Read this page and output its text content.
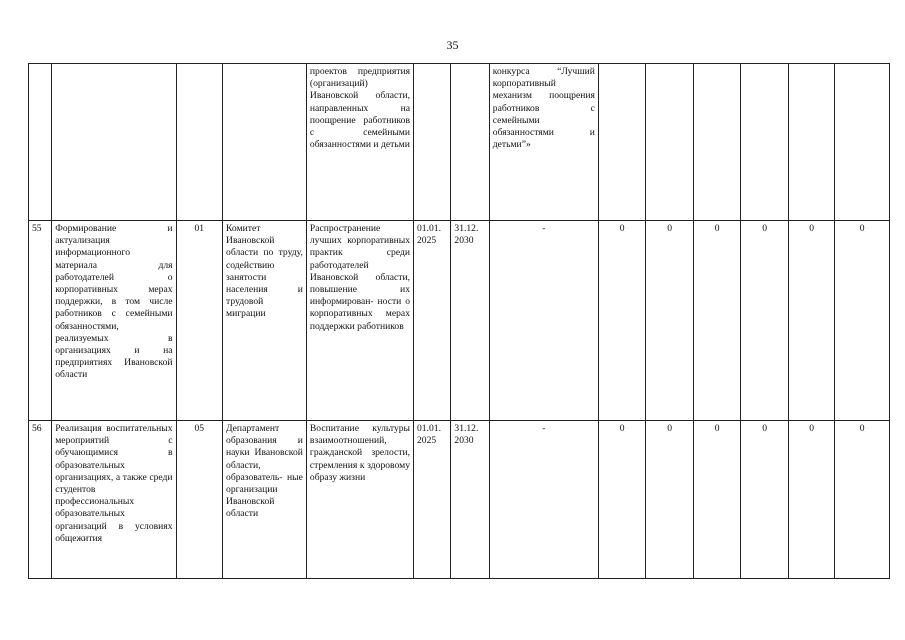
35
				проектов предприятия (организаций) Ивановской области, направленных на поощрение работников с семейными обязанностями и детьми			конкурса “Лучший корпоративный механизм поощрения работников с семейными обязанностями и детьми”»						
55	Формирование и актуализация информационного материала для работодателей о корпоративных мерах поддержки, в том числе работников с семейными обязанностями, реализуемых в организациях и на предприятиях Ивановской области	01	Комитет Ивановской области по труду, содействию занятости населения и трудовой миграции	Распространение лучших корпоративных практик среди работодателей Ивановской области, повышение их информирован- ности о корпоративных мерах поддержки работников	01.01. 2025	31.12. 2030	-	0	0	0	0	0	0
56	Реализация воспитательных мероприятий с обучающимися в образовательных организациях, а также среди студентов профессиональных образовательных организаций в условиях общежития	05	Департамент образования и науки Ивановской области, образователь- ные организации Ивановской области	Воспитание культуры взаимоотношений, гражданской зрелости, стремления к здоровому образу жизни	01.01. 2025	31.12. 2030	-	0	0	0	0	0	0
